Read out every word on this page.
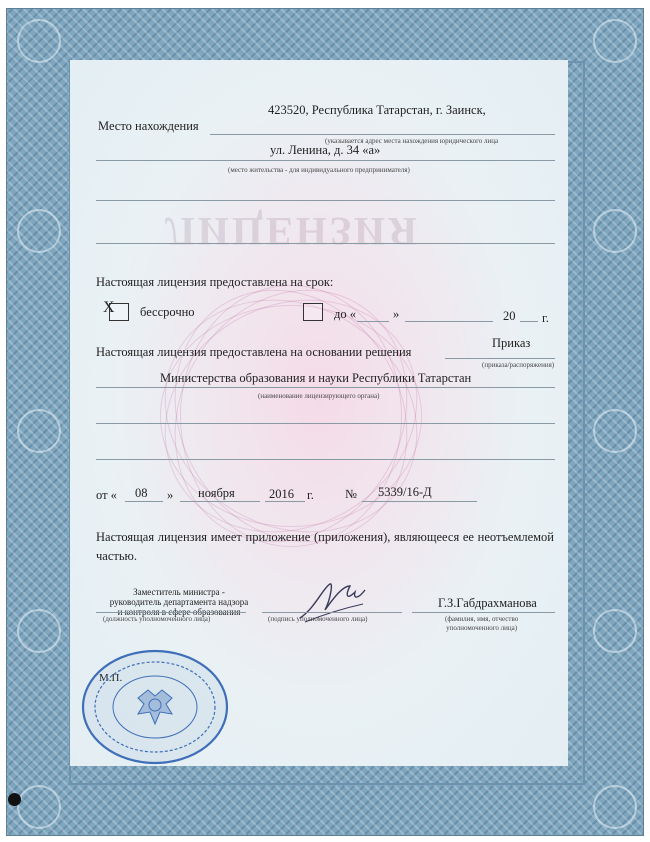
ЛИЦЕНЗИЯ
Место нахождения
423520, Республика Татарстан, г. Заинск,
(указывается адрес места нахождения юридического лица
ул. Ленина, д. 34 «а»
(место жительства - для индивидуального предпринимателя)
Настоящая лицензия предоставлена на срок:
Х бессрочно	до «	»	20 г.
Настоящая лицензия предоставлена на основании решения
Приказ
(приказа/распоряжения)
Министерства образования и науки Республики Татарстан
(наименование лицензирующего органа)
от « 08 » ноября	2016 г. № 5339/16-Д
Настоящая лицензия имеет приложение (приложения), являющееся ее неотъемлемой частью.
Заместитель министра -
руководитель департамента надзора
и контроля в сфере образования
(должность уполномоченного лица)	(подпись уполномоченного лица)
Г.З.Габдрахманова
(фамилия, имя, отчество
уполномоченного лица)
